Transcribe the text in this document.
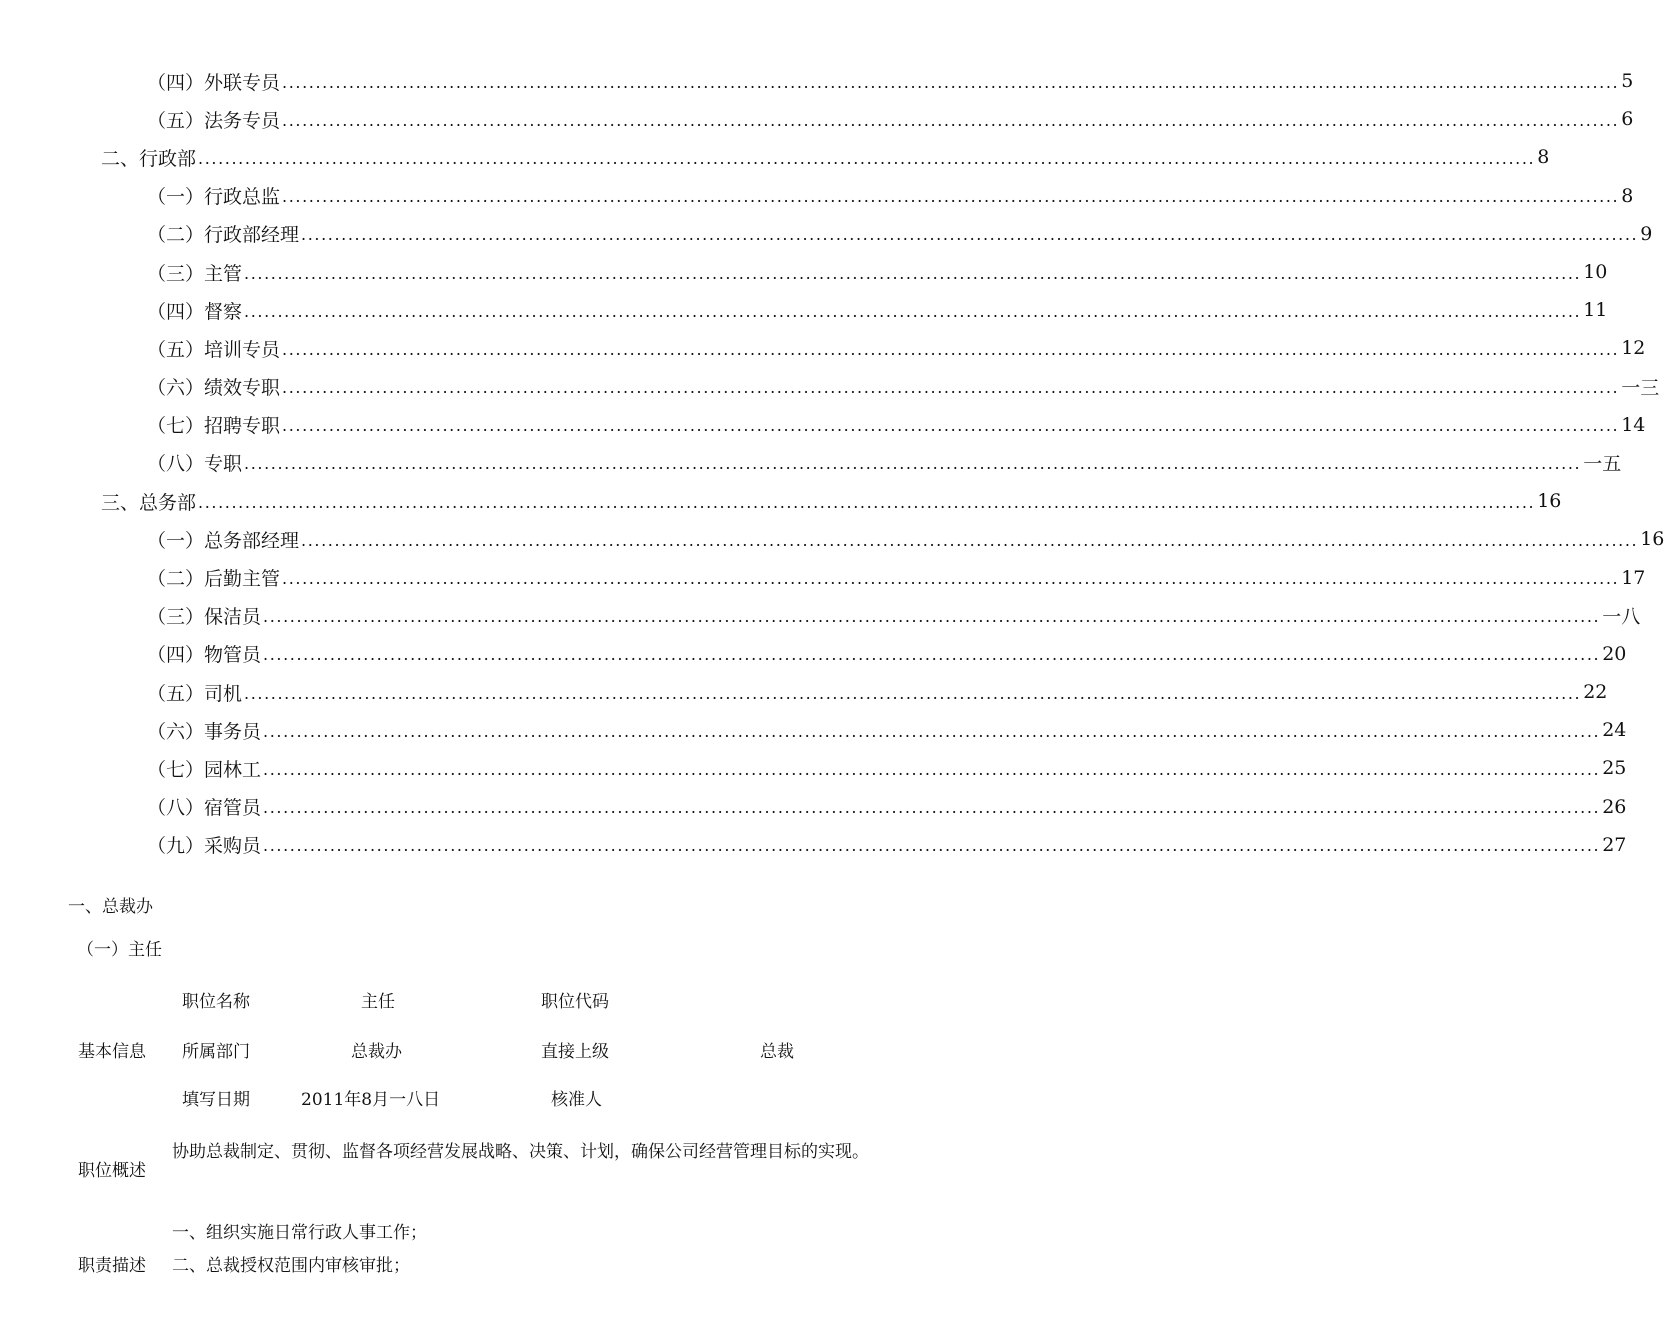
（四）外联专员 ........................................................................................................................................................................................................ 5
（五）法务专员 ........................................................................................................................................................................................................ 6
二、行政部 ........................................................................................................................................................................................................ 8
（一）行政总监 ........................................................................................................................................................................................................ 8
（二）行政部经理 ........................................................................................................................................................................................................ 9
（三）主管 ........................................................................................................................................................................................................ 10
（四）督察 ........................................................................................................................................................................................................ 11
（五）培训专员 ........................................................................................................................................................................................................ 12
（六）绩效专职 ........................................................................................................................................................................................................ 一三
（七）招聘专职 ........................................................................................................................................................................................................ 14
（八）专职 ........................................................................................................................................................................................................ 一五
三、总务部 ........................................................................................................................................................................................................ 16
（一）总务部经理 ........................................................................................................................................................................................................ 16
（二）后勤主管 ........................................................................................................................................................................................................ 17
（三）保洁员 ........................................................................................................................................................................................................ 一八
（四）物管员 ........................................................................................................................................................................................................ 20
（五）司机 ........................................................................................................................................................................................................ 22
（六）事务员 ........................................................................................................................................................................................................ 24
（七）园林工 ........................................................................................................................................................................................................ 25
（八）宿管员 ........................................................................................................................................................................................................ 26
（九）采购员 ........................................................................................................................................................................................................ 27
一、总裁办
（一）主任
基本信息
职位名称	主任	职位代码
所属部门	总裁办	直接上级	总裁
填写日期	2011年8月一八日	核准人
职位概述
协助总裁制定、贯彻、监督各项经营发展战略、决策、计划，确保公司经营管理目标的实现。
职责描述
一、组织实施日常行政人事工作；
二、总裁授权范围内审核审批；
